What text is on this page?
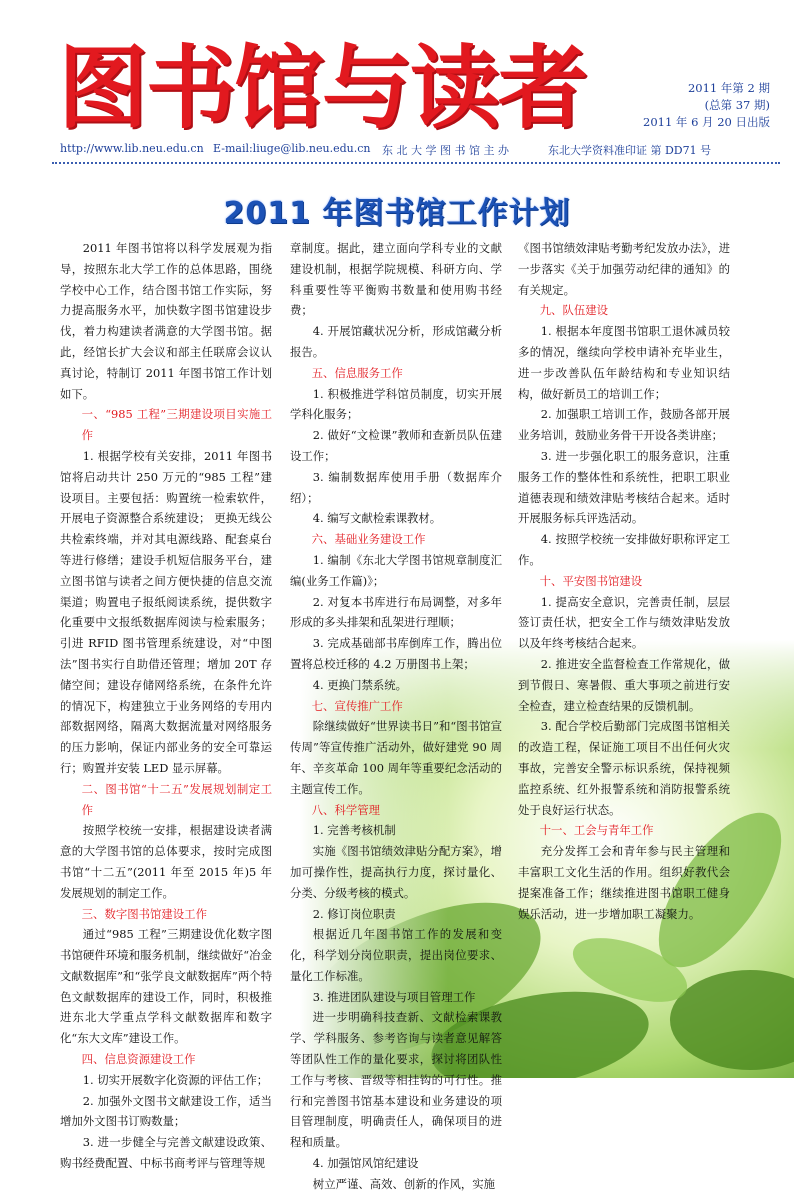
图书馆与读者	2011 年第 2 期
(总第 37 期)
2011 年 6 月 20 日出版
http://www.lib.neu.edu.cn E-mail:liuge@lib.neu.edu.cn 东 北 大 学 图 书 馆 主 办	东北大学资料准印证 第 DD71 号
2011 年图书馆工作计划

2011 年图书馆将以科学发展观为指导，按照东北大学工作的总体思路，围绕学校中心工作，结合图书馆工作实际，努力提高服务水平，加快数字图书馆建设步伐，着力构建读者满意的大学图书馆。据此，经馆长扩大会议和部主任联席会议认真讨论，特制订 2011 年图书馆工作计划如下。

一、“985 工程”三期建设项目实施工作

1. 根据学校有关安排，2011 年图书馆将启动共计 250 万元的“985 工程”建设项目。主要包括：购置统一检索软件，开展电子资源整合系统建设； 更换无线公共检索终端，并对其电源线路、配套桌台等进行修缮；建设手机短信服务平台，建立图书馆与读者之间方便快捷的信息交流渠道；购置电子报纸阅读系统，提供数字化重要中文报纸数据库阅读与检索服务； 引进 RFID 图书管理系统建设，对“中图法”图书实行自助借还管理；增加 20T 存储空间；建设存储网络系统，在条件允许的情况下，构建独立于业务网络的专用内部数据网络，隔离大数据流量对网络服务的压力影响，保证内部业务的安全可靠运行；购置并安装 LED 显示屏幕。

二、图书馆“十二五”发展规划制定工作

按照学校统一安排，根据建设读者满意的大学图书馆的总体要求，按时完成图书馆“十二五”(2011 年至 2015 年)5 年发展规划的制定工作。

三、数字图书馆建设工作

通过“985 工程”三期建设优化数字图书馆硬件环境和服务机制，继续做好“冶金文献数据库”和“张学良文献数据库”两个特色文献数据库的建设工作，同时，积极推进东北大学重点学科文献数据库和数字化“东大文库”建设工作。

四、信息资源建设工作

1. 切实开展数字化资源的评估工作；

2. 加强外文图书文献建设工作，适当增加外文图书订购数量；

3. 进一步健全与完善文献建设政策、购书经费配置、中标书商考评与管理等规

章制度。据此，建立面向学科专业的文献建设机制，根据学院规模、科研方向、学科重要性等平衡购书数量和使用购书经费；

4. 开展馆藏状况分析，形成馆藏分析报告。

五、信息服务工作

1. 积极推进学科馆员制度，切实开展学科化服务；

2. 做好“文检课”教师和查新员队伍建设工作；

3. 编制数据库使用手册（数据库介绍）；

4. 编写文献检索课教材。

六、基础业务建设工作

1. 编制《东北大学图书馆规章制度汇编(业务工作篇)》；

2. 对复本书库进行布局调整，对多年形成的多头排架和乱架进行理顺；

3. 完成基础部书库倒库工作，腾出位置将总校迁移的 4.2 万册图书上架；

4. 更换门禁系统。

七、宣传推广工作

除继续做好“世界读书日”和“图书馆宣传周”等宣传推广活动外，做好建党 90 周年、辛亥革命 100 周年等重要纪念活动的主题宣传工作。

八、科学管理

1. 完善考核机制

实施《图书馆绩效津贴分配方案》，增加可操作性，提高执行力度，探讨量化、分类、分级考核的模式。

2. 修订岗位职责

根据近几年图书馆工作的发展和变化，科学划分岗位职责，提出岗位要求、量化工作标准。

3. 推进团队建设与项目管理工作

进一步明确科技查新、文献检索课教学、学科服务、参考咨询与读者意见解答等团队性工作的量化要求，探讨将团队性工作与考核、晋级等相挂钩的可行性。推行和完善图书馆基本建设和业务建设的项目管理制度，明确责任人，确保项目的进程和质量。

4. 加强馆风馆纪建设

树立严谨、高效、创新的作风，实施

《图书馆绩效津贴考勤考纪发放办法》，进一步落实《关于加强劳动纪律的通知》的有关规定。

九、队伍建设

1. 根据本年度图书馆职工退休减员较多的情况，继续向学校申请补充毕业生，进一步改善队伍年龄结构和专业知识结构，做好新员工的培训工作；

2. 加强职工培训工作，鼓励各部开展业务培训，鼓励业务骨干开设各类讲座；

3. 进一步强化职工的服务意识，注重服务工作的整体性和系统性，把职工职业道德表现和绩效津贴考核结合起来。适时开展服务标兵评选活动。

4. 按照学校统一安排做好职称评定工作。

十、平安图书馆建设

1. 提高安全意识，完善责任制，层层签订责任状，把安全工作与绩效津贴发放以及年终考核结合起来。

2. 推进安全监督检查工作常规化，做到节假日、寒暑假、重大事项之前进行安全检查，建立检查结果的反馈机制。

3. 配合学校后勤部门完成图书馆相关的改造工程，保证施工项目不出任何火灾事故，完善安全警示标识系统，保持视频监控系统、红外报警系统和消防报警系统处于良好运行状态。

十一、工会与青年工作

充分发挥工会和青年参与民主管理和丰富职工文化生活的作用。组织好教代会提案准备工作；继续推进图书馆职工健身娱乐活动，进一步增加职工凝聚力。
